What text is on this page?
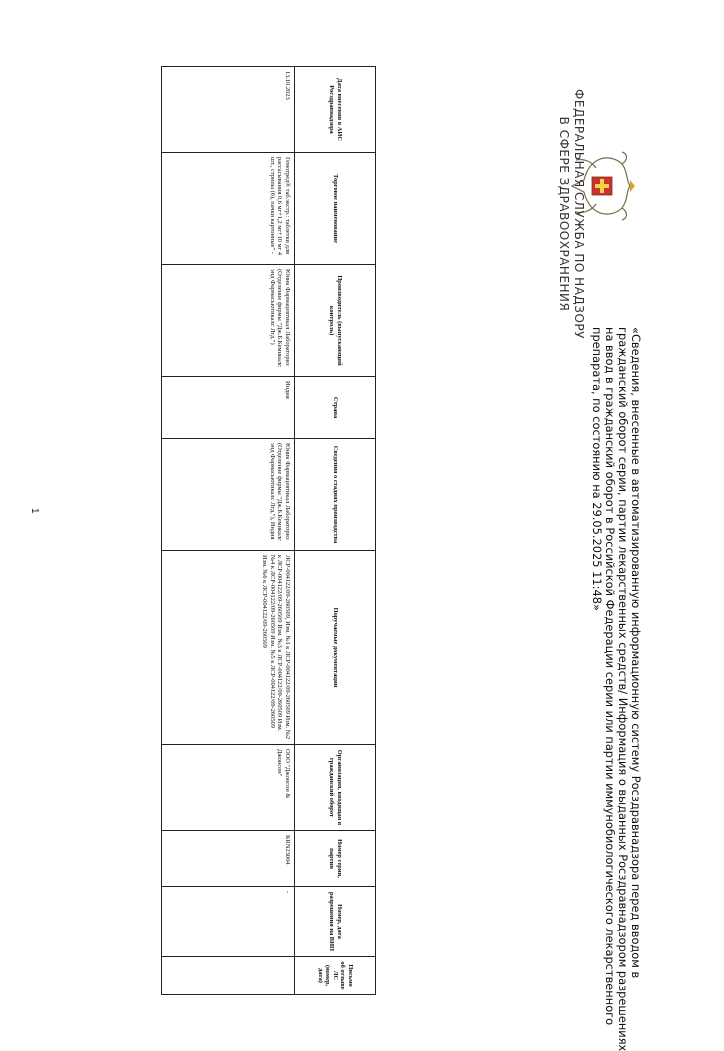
ФЕДЕРАЛЬНАЯ СЛУЖБА ПО НАДЗОРУ
В СФЕРЕ ЗДРАВООХРАНЕНИЯ
«Сведения, внесенные в автоматизированную информационную систему Росздравнадзора перед вводом в
гражданский оборот серии, партии лекарственных средств/ Информация о выданных Росздравнадзором разрешениях
на ввод в гражданский оборот в Российской Федерации серии или партии иммунобиологического лекарственного
препарата, по состоянию на 29.05.2025 11:48»
Дата внесения в АИС Росздравнадзора	Торговое наименование	Производитель (выпускающий контроль)	Страна	Сведения о стадиях производства	Поручаемые документации	Организация, вводящая в гражданский оборот	Номер серии, партии	Номер, дата разрешения на ВИП	Письмо об отзыве ЛС (номер, дата)
13.10.2023	Гемотред® таб.экстр.: таблетки для рассасывания 0,6 мг+1,2 мг+10 мг 4 шт., стрипы (6), пачки картонные" -	Юник Фармацевтикал Лабораториз (Отделение фирмы "Дж.Б.Кемикалс энд Фармасьютикалс Лтд.")	Индия	Юник Фармацевтикал Лабораториз (Отделение фирмы "Дж.Б.Кемикалс энд Фармасьютикалс Лтд."), Индия	ЛСР-004122/09-260509, Изм. №1 к ЛСР-004122/09-260509 Изм. №2 к ЛСР-004122/09-260509 Изм. №3 к ЛСР-004122/09-260509 Изм. №4 к ЛСР-004122/09-260509 Изм. №5 к ЛСР-004122/09-260509 Изм. №6 к ЛСР-004122/09-260509	ООО "Джонсон & Джонсон"	KRN23004	-	
1
